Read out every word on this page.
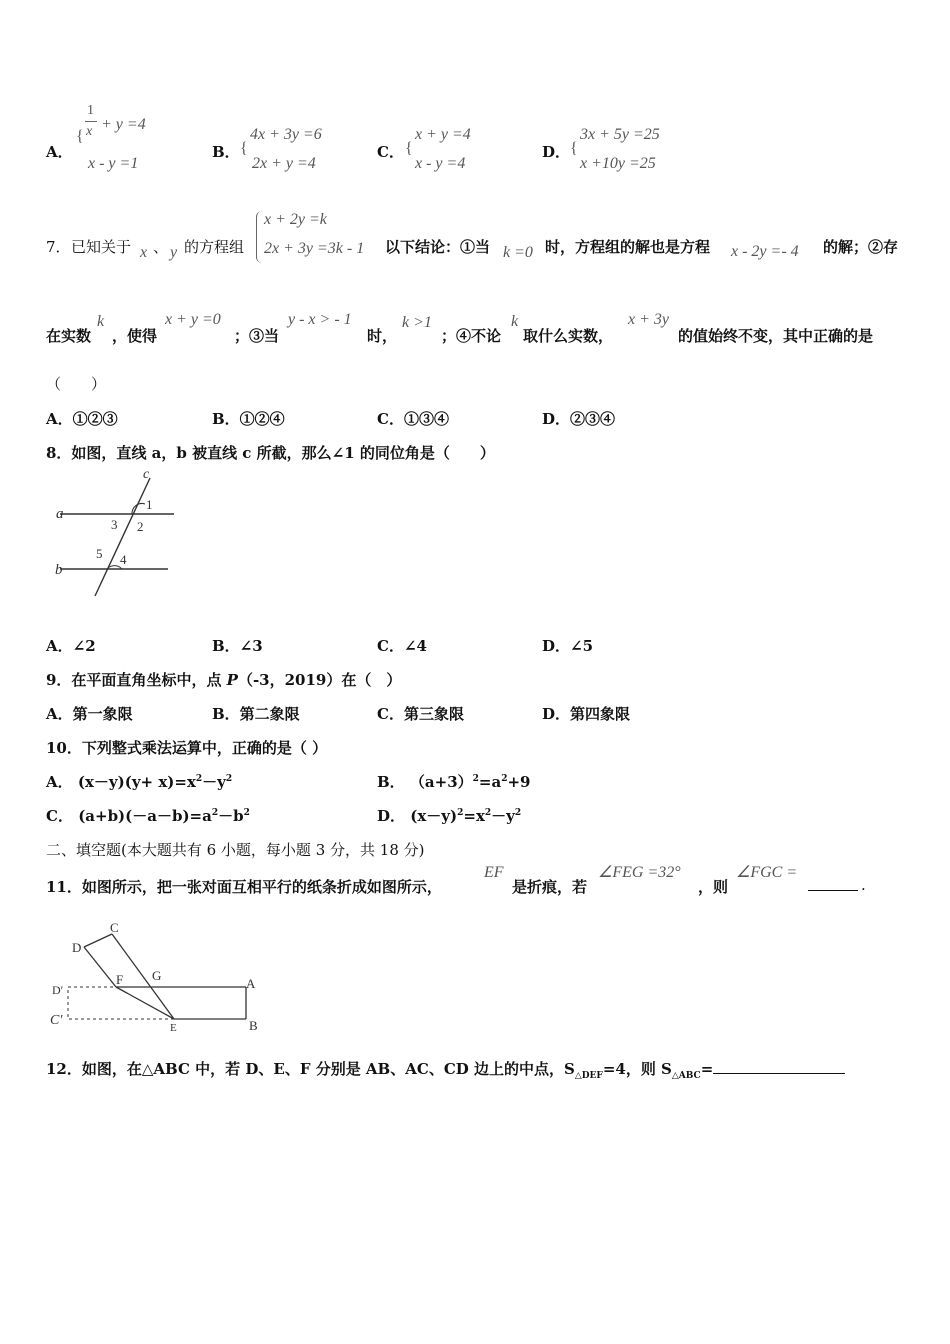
A．
{
1
x + y =4
x - y =1
B． {
4x + 3y =6
2x + y =4
C． {
x + y =4
x - y =4
D． {
3x + 5y =25
x +10y =25
7． 已知关于 x 、 y 的方程组
x + 2y =k
2x + 3y =3k - 1 以下结论：①当 k =0 时，方程组的解也是方程 x - 2y =- 4 的解；②存
在实数
k
，使得
x + y =0
；③当
y - x > - 1
时，
k >1
；④不论
k
取什么实数，
x + 3y
的值始终不变，其中正确的是
（　　）
A．①②③	B．①②④	C．①③④	D．②③④
8．如图，直线 a，b 被直线 c 所截，那么∠1 的同位角是（　　）
c
a
b
1
2
3
4
5
A．∠2	B．∠3	C．∠4	D．∠5
9．在平面直角坐标中，点 P（-3，2019）在（　）
A．第一象限	B．第二象限	C．第三象限	D．第四象限
10．下列整式乘法运算中，正确的是（ ）
A． $(x-y)(y+ x)=x^2-y^2$	B． $(a+3)^2=a^2+9$
C． $(a+b)(-a-b)=a^2-b^2$	D． $(x-y)^2=x^2-y^2$
二、填空题(本大题共有 6 小题，每小题 3 分，共 18 分)
11．如图所示，把一张对面互相平行的纸条折成如图所示，
EF
是折痕，若
∠FEG =32°
，则
∠FGC =
.
C
D
F G
A
B
E
D′
C′
12．如图，在△ABC 中，若 D、E、F 分别是 AB、AC、CD 边上的中点，$S_{\triangle DEF}=4$，则 $S_{\triangle ABC}=$
